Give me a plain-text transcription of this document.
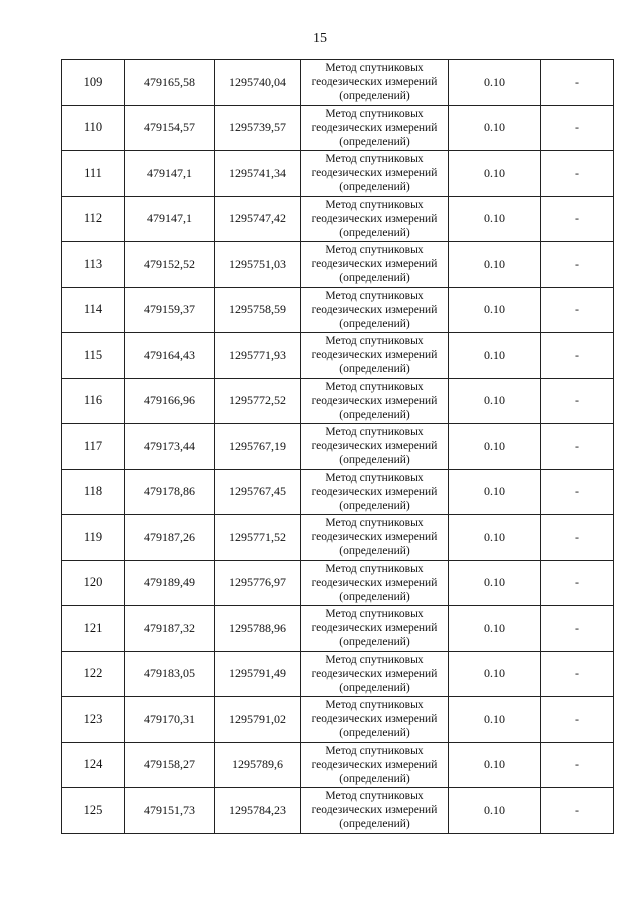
15
109	479165,58	1295740,04	Метод спутниковых
геодезических измерений
(определений)	0.10	-
110	479154,57	1295739,57	Метод спутниковых
геодезических измерений
(определений)	0.10	-
111	479147,1	1295741,34	Метод спутниковых
геодезических измерений
(определений)	0.10	-
112	479147,1	1295747,42	Метод спутниковых
геодезических измерений
(определений)	0.10	-
113	479152,52	1295751,03	Метод спутниковых
геодезических измерений
(определений)	0.10	-
114	479159,37	1295758,59	Метод спутниковых
геодезических измерений
(определений)	0.10	-
115	479164,43	1295771,93	Метод спутниковых
геодезических измерений
(определений)	0.10	-
116	479166,96	1295772,52	Метод спутниковых
геодезических измерений
(определений)	0.10	-
117	479173,44	1295767,19	Метод спутниковых
геодезических измерений
(определений)	0.10	-
118	479178,86	1295767,45	Метод спутниковых
геодезических измерений
(определений)	0.10	-
119	479187,26	1295771,52	Метод спутниковых
геодезических измерений
(определений)	0.10	-
120	479189,49	1295776,97	Метод спутниковых
геодезических измерений
(определений)	0.10	-
121	479187,32	1295788,96	Метод спутниковых
геодезических измерений
(определений)	0.10	-
122	479183,05	1295791,49	Метод спутниковых
геодезических измерений
(определений)	0.10	-
123	479170,31	1295791,02	Метод спутниковых
геодезических измерений
(определений)	0.10	-
124	479158,27	1295789,6	Метод спутниковых
геодезических измерений
(определений)	0.10	-
125	479151,73	1295784,23	Метод спутниковых
геодезических измерений
(определений)	0.10	-
